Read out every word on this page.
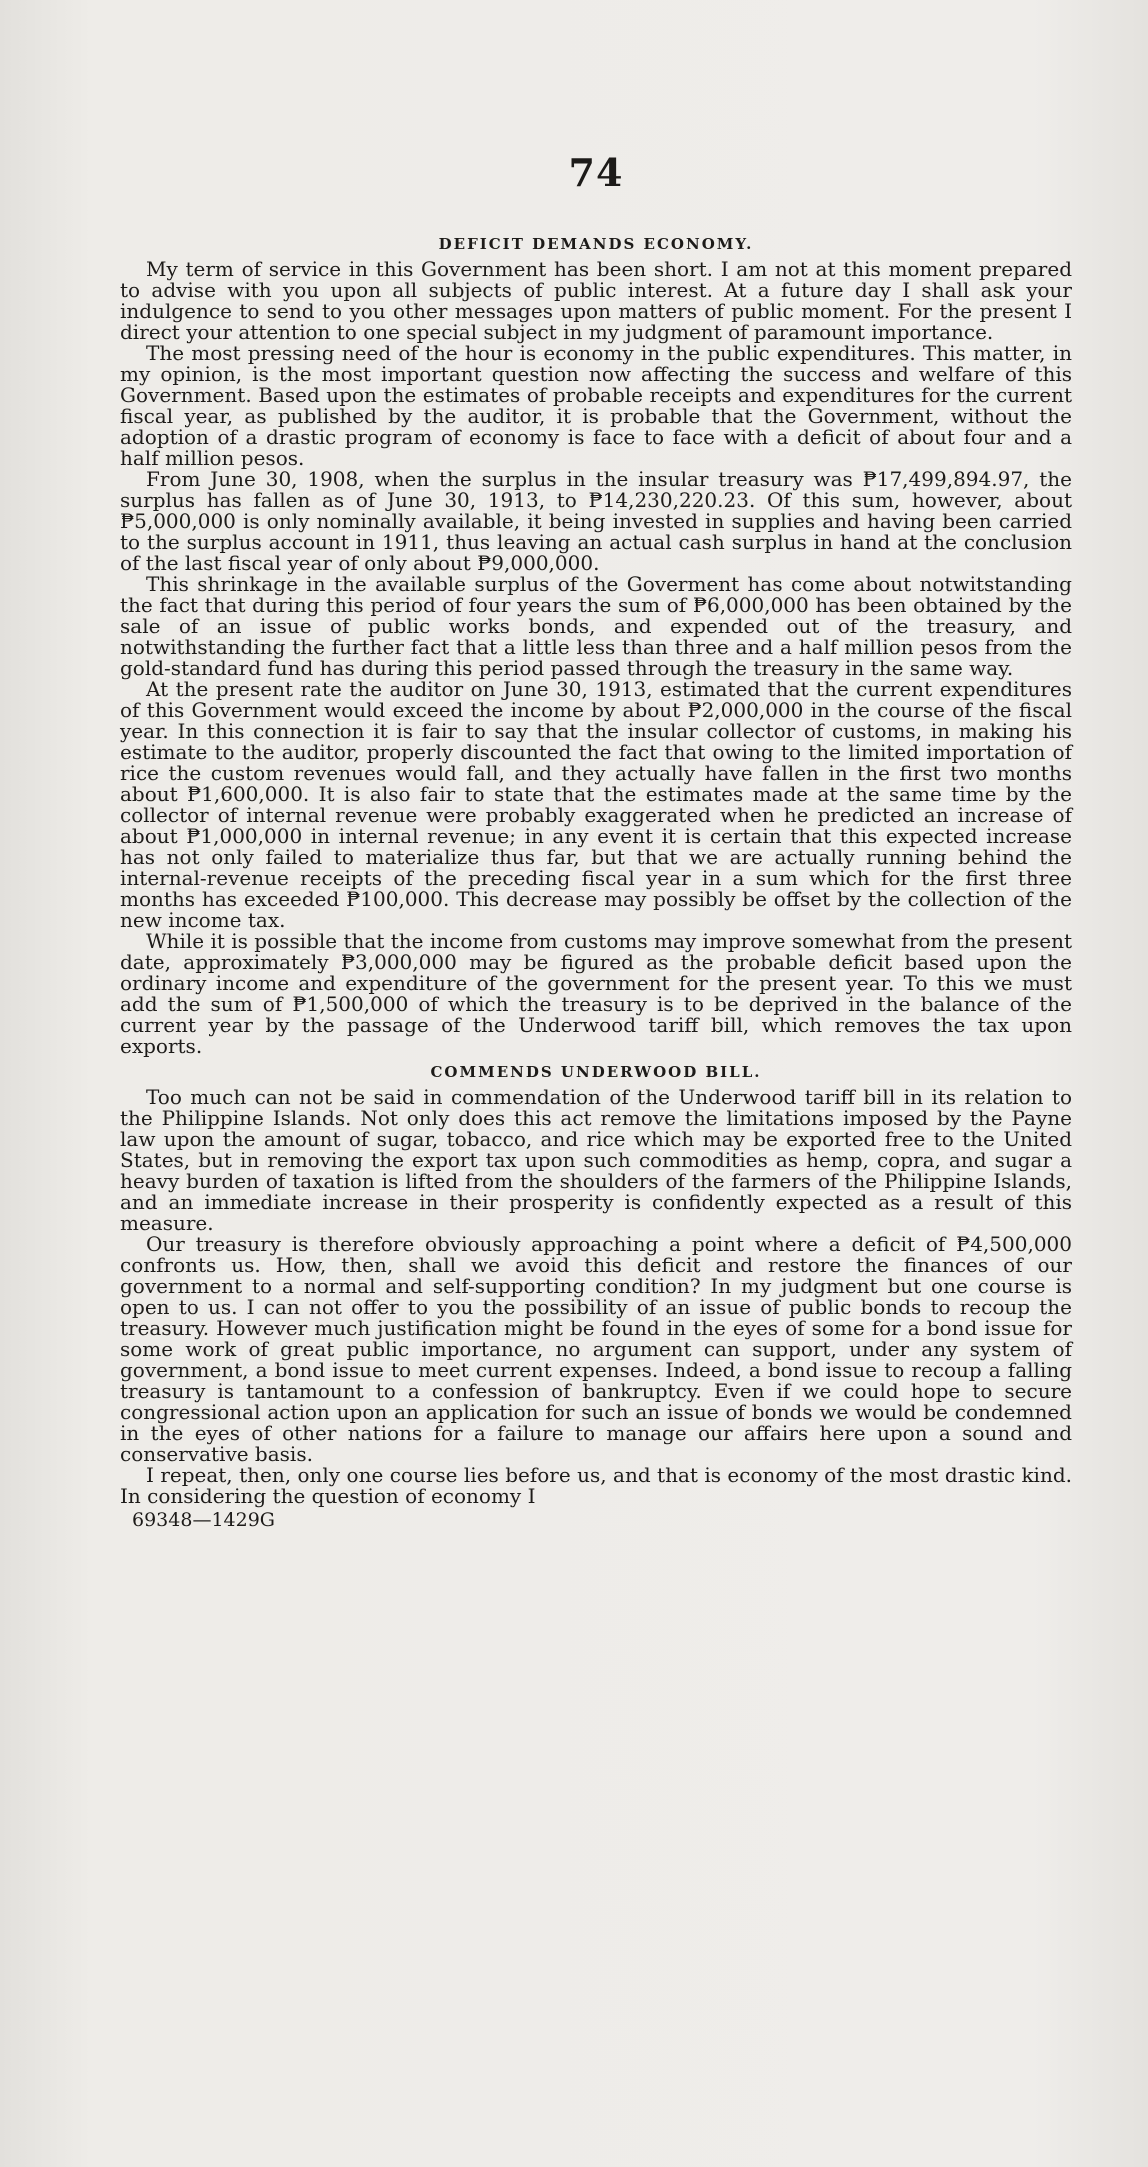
74
DEFICIT DEMANDS ECONOMY.

My term of service in this Government has been short. I am not at this moment prepared to advise with you upon all subjects of public interest. At a future day I shall ask your indulgence to send to you other messages upon matters of public moment. For the present I direct your attention to one special subject in my judgment of paramount importance.

The most pressing need of the hour is economy in the public expenditures. This matter, in my opinion, is the most important question now affecting the success and welfare of this Government. Based upon the estimates of probable receipts and expenditures for the current fiscal year, as published by the auditor, it is probable that the Government, without the adoption of a drastic program of economy is face to face with a deficit of about four and a half million pesos.

From June 30, 1908, when the surplus in the insular treasury was ₱17,499,894.97, the surplus has fallen as of June 30, 1913, to ₱14,230,220.23. Of this sum, however, about ₱5,000,000 is only nominally available, it being invested in supplies and having been carried to the surplus account in 1911, thus leaving an actual cash surplus in hand at the conclusion of the last fiscal year of only about ₱9,000,000.

This shrinkage in the available surplus of the Goverment has come about notwitstanding the fact that during this period of four years the sum of ₱6,000,000 has been obtained by the sale of an issue of public works bonds, and expended out of the treasury, and notwithstanding the further fact that a little less than three and a half million pesos from the gold-standard fund has during this period passed through the treasury in the same way.

At the present rate the auditor on June 30, 1913, estimated that the current expenditures of this Government would exceed the income by about ₱2,000,000 in the course of the fiscal year. In this connection it is fair to say that the insular collector of customs, in making his estimate to the auditor, properly discounted the fact that owing to the limited importation of rice the custom revenues would fall, and they actually have fallen in the first two months about ₱1,600,000. It is also fair to state that the estimates made at the same time by the collector of internal revenue were probably exaggerated when he predicted an increase of about ₱1,000,000 in internal revenue; in any event it is certain that this expected increase has not only failed to materialize thus far, but that we are actually running behind the internal-revenue receipts of the preceding fiscal year in a sum which for the first three months has exceeded ₱100,000. This decrease may possibly be offset by the collection of the new income tax.

While it is possible that the income from customs may improve somewhat from the present date, approximately ₱3,000,000 may be figured as the probable deficit based upon the ordinary income and expenditure of the government for the present year. To this we must add the sum of ₱1,500,000 of which the treasury is to be deprived in the balance of the current year by the passage of the Underwood tariff bill, which removes the tax upon exports.

COMMENDS UNDERWOOD BILL.

Too much can not be said in commendation of the Underwood tariff bill in its relation to the Philippine Islands. Not only does this act remove the limitations imposed by the Payne law upon the amount of sugar, tobacco, and rice which may be exported free to the United States, but in removing the export tax upon such commodities as hemp, copra, and sugar a heavy burden of taxation is lifted from the shoulders of the farmers of the Philippine Islands, and an immediate increase in their prosperity is confidently expected as a result of this measure.

Our treasury is therefore obviously approaching a point where a deficit of ₱4,500,000 confronts us. How, then, shall we avoid this deficit and restore the finances of our government to a normal and self-supporting condition? In my judgment but one course is open to us. I can not offer to you the possibility of an issue of public bonds to recoup the treasury. However much justification might be found in the eyes of some for a bond issue for some work of great public importance, no argument can support, under any system of government, a bond issue to meet current expenses. Indeed, a bond issue to recoup a falling treasury is tantamount to a confession of bankruptcy. Even if we could hope to secure congressional action upon an application for such an issue of bonds we would be condemned in the eyes of other nations for a failure to manage our affairs here upon a sound and conservative basis.

I repeat, then, only one course lies before us, and that is economy of the most drastic kind. In considering the question of economy I

69348—1429G
